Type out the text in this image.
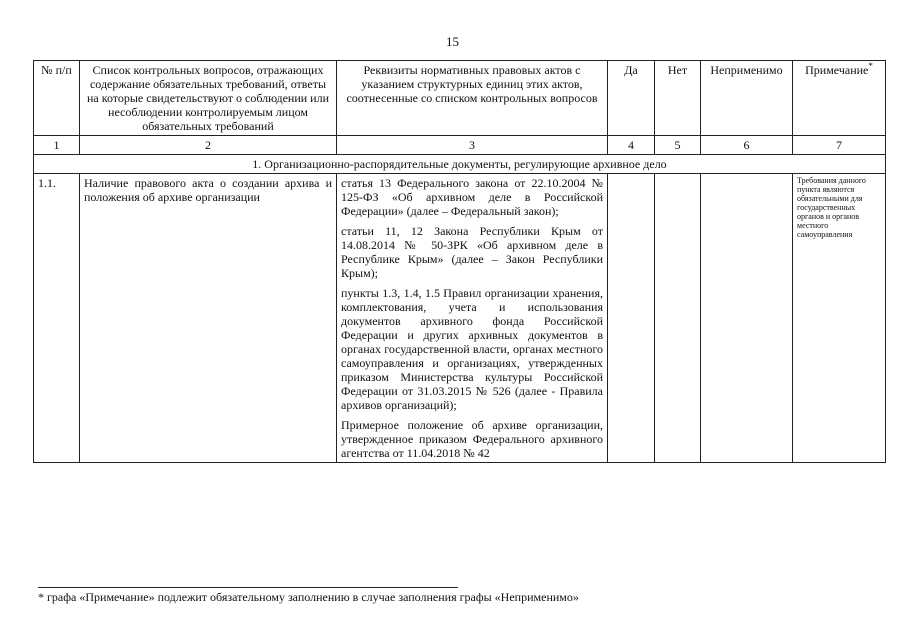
15
№ п/п	Список контрольных вопросов, отражающих содержание обязательных требований, ответы на которые свидетельствуют о соблюдении или несоблюдении контролируемым лицом обязательных требований	Реквизиты нормативных правовых актов с указанием структурных единиц этих актов, соотнесенные со списком контрольных вопросов	Да	Нет	Неприменимо	Примечание*
1	2	3	4	5	6	7
1. Организационно-распорядительные документы, регулирующие архивное дело						
1.1.	Наличие правового акта о создании архива и положения об архиве организации	статья 13 Федерального закона от 22.10.2004 № 125-ФЗ «Об архивном деле в Российской Федерации» (далее – Федеральный закон);
статьи 11, 12 Закона Республики Крым от 14.08.2014 № 50-ЗРК «Об архивном деле в Республике Крым» (далее – Закон Республики Крым);
пункты 1.3, 1.4, 1.5 Правил организации хранения, комплектования, учета и использования документов архивного фонда Российской Федерации и других архивных документов в органах государственной власти, органах местного самоуправления и организациях, утвержденных приказом Министерства культуры Российской Федерации от 31.03.2015 № 526 (далее - Правила архивов организаций);
Примерное положение об архиве организации, утвержденное приказом Федерального архивного агентства от 11.04.2018 № 42				Требования данного пункта являются обязательными для государственных органов и органов местного самоуправления
* графа «Примечание» подлежит обязательному заполнению в случае заполнения графы «Неприменимо»
